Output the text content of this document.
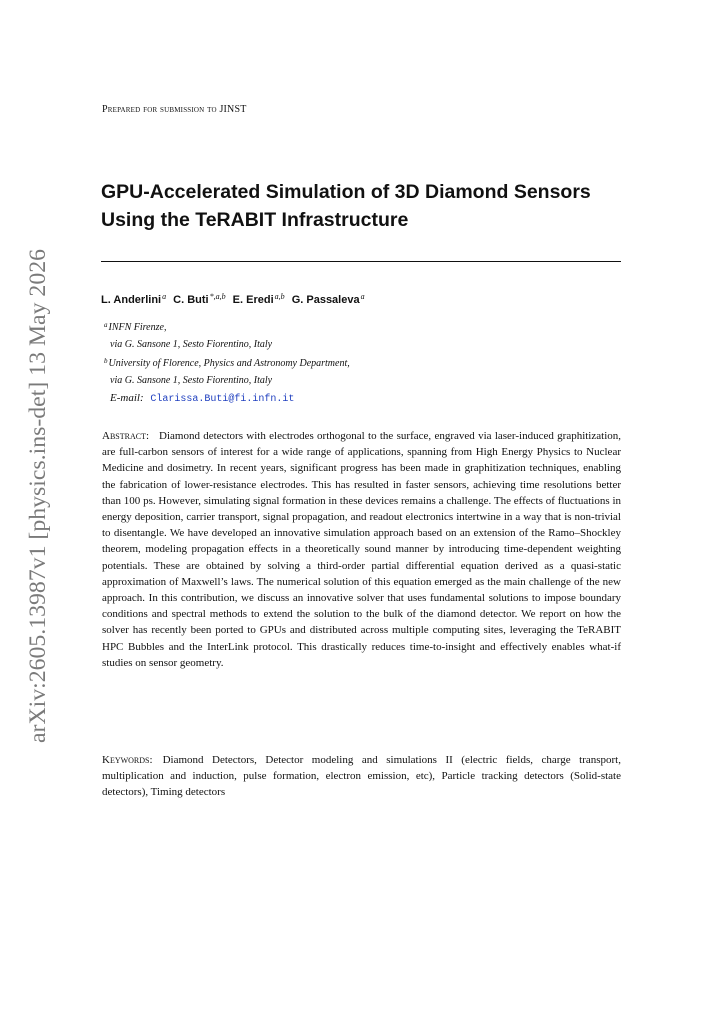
arXiv:2605.13987v1 [physics.ins-det] 13 May 2026
Prepared for submission to JINST
GPU-Accelerated Simulation of 3D Diamond Sensors
Using the TeRABIT Infrastructure
L. Anderlini$^a$ C. Buti$^{*,a,b}$ E. Eredi$^{a,b}$ G. Passaleva$^a$
$^a$INFN Firenze,
via G. Sansone 1, Sesto Fiorentino, Italy
$^b$University of Florence, Physics and Astronomy Department,
via G. Sansone 1, Sesto Fiorentino, Italy
E-mail: Clarissa.Buti@fi.infn.it

Abstract: Diamond detectors with electrodes orthogonal to the surface, engraved via laser-induced graphitization, are full-carbon sensors of interest for a wide range of applications, spanning from High Energy Physics to Nuclear Medicine and dosimetry. In recent years, significant progress has been made in graphitization techniques, enabling the fabrication of lower-resistance electrodes. This has resulted in faster sensors, achieving time resolutions better than 100 ps. However, simulating signal formation in these devices remains a challenge. The effects of fluctuations in energy deposition, carrier transport, signal propagation, and readout electronics intertwine in a way that is non-trivial to disentangle. We have developed an innovative simulation approach based on an extension of the Ramo–Shockley theorem, modeling propagation effects in a theoretically sound manner by introducing time-dependent weighting potentials. These are obtained by solving a third-order partial differential equation derived as a quasi-static approximation of Maxwell’s laws. The numerical solution of this equation emerged as the main challenge of the new approach. In this contribution, we discuss an innovative solver that uses fundamental solutions to impose boundary conditions and spectral methods to extend the solution to the bulk of the diamond detector. We report on how the solver has recently been ported to GPUs and distributed across multiple computing sites, leveraging the TeRABIT HPC Bubbles and the InterLink protocol. This drastically reduces time-to-insight and effectively enables what-if studies on sensor geometry.

Keywords: Diamond Detectors, Detector modeling and simulations II (electric fields, charge transport, multiplication and induction, pulse formation, electron emission, etc), Particle tracking detectors (Solid-state detectors), Timing detectors
